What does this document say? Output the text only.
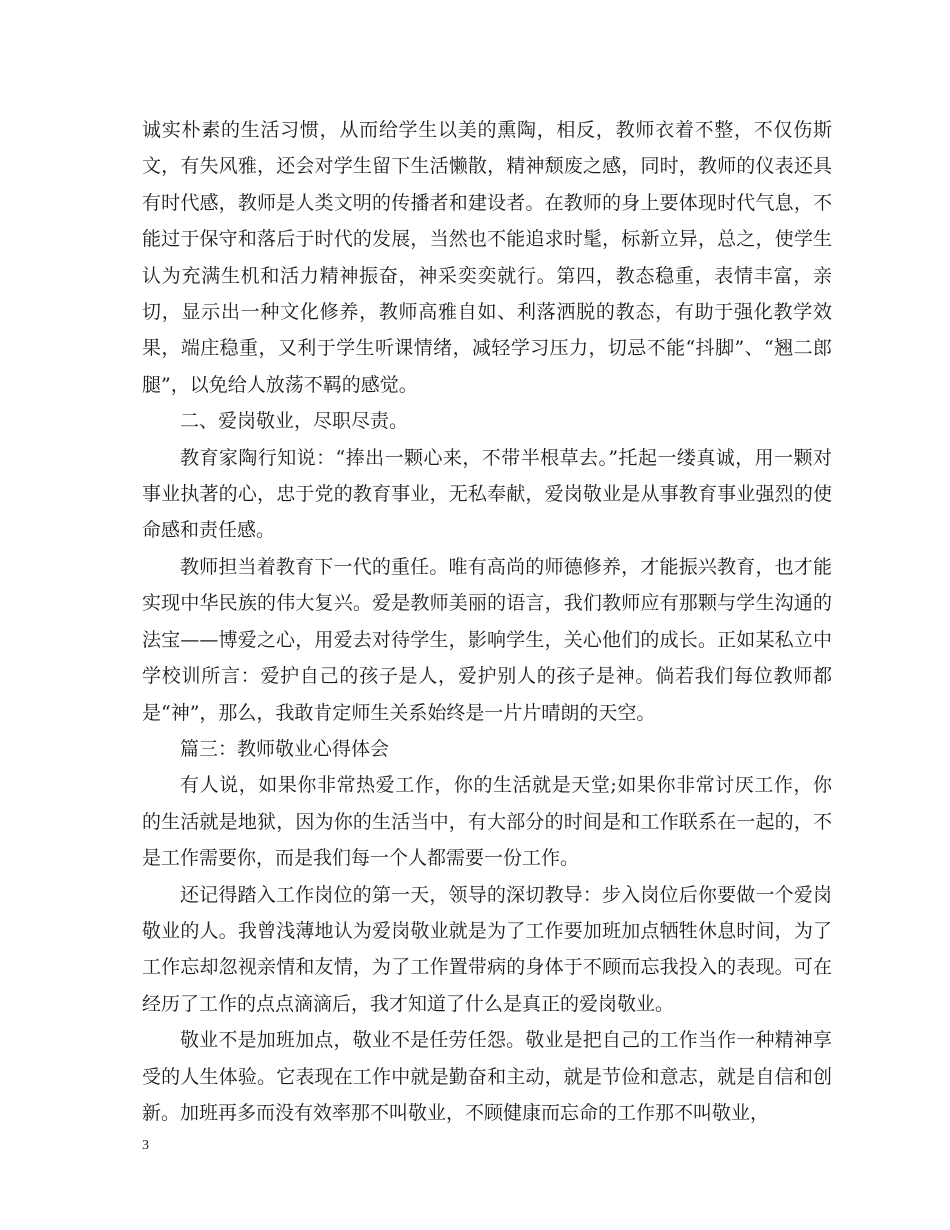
诚实朴素的生活习惯，从而给学生以美的熏陶，相反，教师衣着不整，不仅伤斯文，有失风雅，还会对学生留下生活懒散，精神颓废之感，同时，教师的仪表还具有时代感，教师是人类文明的传播者和建设者。在教师的身上要体现时代气息，不能过于保守和落后于时代的发展，当然也不能追求时髦，标新立异，总之，使学生认为充满生机和活力精神振奋，神采奕奕就行。第四，教态稳重，表情丰富，亲切，显示出一种文化修养，教师高雅自如、利落洒脱的教态，有助于强化教学效果，端庄稳重，又利于学生听课情绪，减轻学习压力，切忌不能“抖脚”、“翘二郎腿”，以免给人放荡不羁的感觉。

二、爱岗敬业，尽职尽责。

教育家陶行知说：“捧出一颗心来，不带半根草去。”托起一缕真诚，用一颗对事业执著的心，忠于党的教育事业，无私奉献，爱岗敬业是从事教育事业强烈的使命感和责任感。

教师担当着教育下一代的重任。唯有高尚的师德修养，才能振兴教育，也才能实现中华民族的伟大复兴。爱是教师美丽的语言，我们教师应有那颗与学生沟通的法宝——博爱之心，用爱去对待学生，影响学生，关心他们的成长。正如某私立中学校训所言：爱护自己的孩子是人，爱护别人的孩子是神。倘若我们每位教师都是“神”，那么，我敢肯定师生关系始终是一片片晴朗的天空。

篇三：教师敬业心得体会

有人说，如果你非常热爱工作，你的生活就是天堂;如果你非常讨厌工作，你的生活就是地狱，因为你的生活当中，有大部分的时间是和工作联系在一起的，不是工作需要你，而是我们每一个人都需要一份工作。

还记得踏入工作岗位的第一天，领导的深切教导：步入岗位后你要做一个爱岗敬业的人。我曾浅薄地认为爱岗敬业就是为了工作要加班加点牺牲休息时间，为了工作忘却忽视亲情和友情，为了工作置带病的身体于不顾而忘我投入的表现。可在经历了工作的点点滴滴后，我才知道了什么是真正的爱岗敬业。

敬业不是加班加点，敬业不是任劳任怨。敬业是把自己的工作当作一种精神享受的人生体验。它表现在工作中就是勤奋和主动，就是节俭和意志，就是自信和创新。加班再多而没有效率那不叫敬业，不顾健康而忘命的工作那不叫敬业，

3
